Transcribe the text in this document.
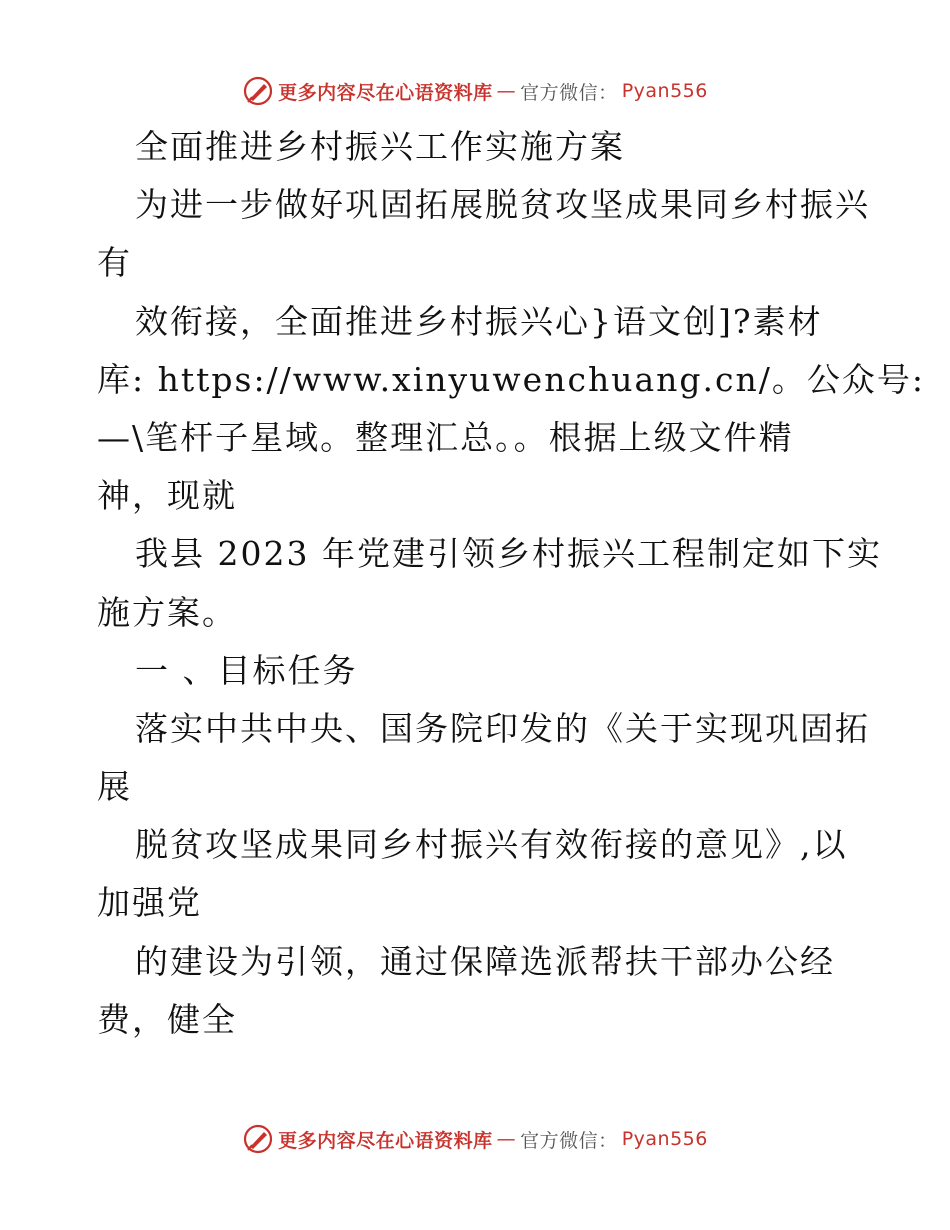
更多内容尽在心语资料库 — 官方微信： Pyan556
全面推进乡村振兴工作实施方案
为进一步做好巩固拓展脱贫攻坚成果同乡村振兴
有
效衔接，全面推进乡村振兴心}语文创]?素材
库: https://www.xinyuwenchuang.cn/。公众号:
—\笔杆子星域。整理汇总。。根据上级文件精
神，现就
我县 2023 年党建引领乡村振兴工程制定如下实
施方案。
一 、目标任务
落实中共中央、国务院印发的《关于实现巩固拓
展
脱贫攻坚成果同乡村振兴有效衔接的意见》,以
加强党
的建设为引领，通过保障选派帮扶干部办公经
费，健全
更多内容尽在心语资料库 — 官方微信： Pyan556
